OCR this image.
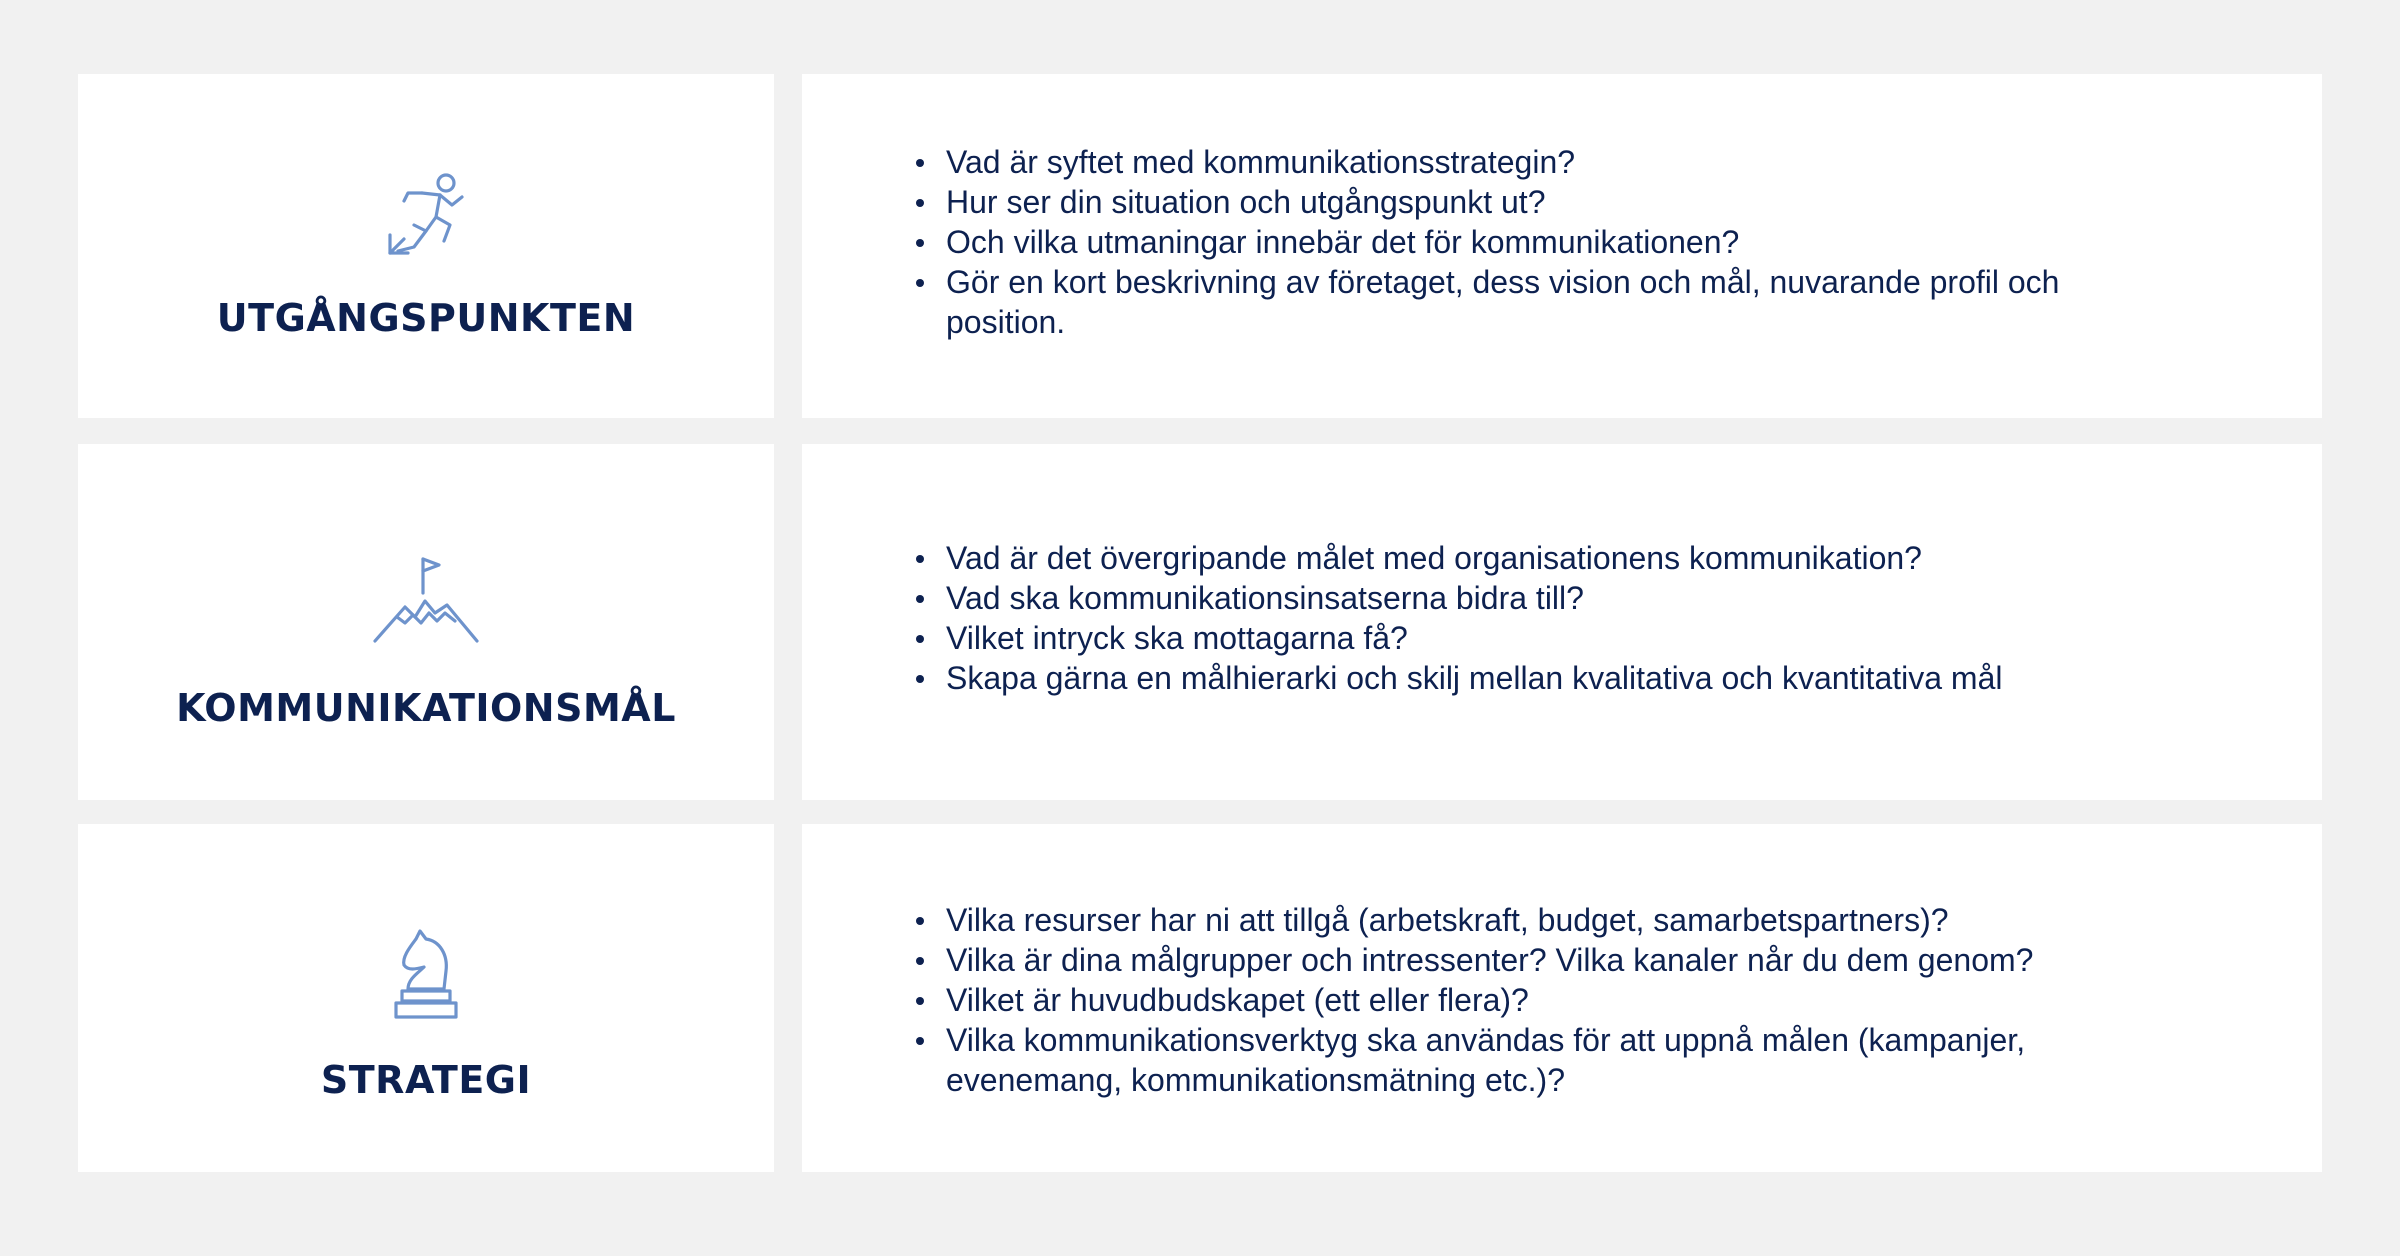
UTGÅNGSPUNKTEN
Vad är syftet med kommunikationsstrategin?
Hur ser din situation och utgångspunkt ut?
Och vilka utmaningar innebär det för kommunikationen?
Gör en kort beskrivning av företaget, dess vision och mål, nuvarande profil och position.
KOMMUNIKATIONSMÅL
Vad är det övergripande målet med organisationens kommunikation?
Vad ska kommunikationsinsatserna bidra till?
Vilket intryck ska mottagarna få?
Skapa gärna en målhierarki och skilj mellan kvalitativa och kvantitativa mål
STRATEGI
Vilka resurser har ni att tillgå (arbetskraft, budget, samarbetspartners)?
Vilka är dina målgrupper och intressenter? Vilka kanaler når du dem genom?
Vilket är huvudbudskapet (ett eller flera)?
Vilka kommunikationsverktyg ska användas för att uppnå målen (kampanjer, evenemang, kommunikationsmätning etc.)?
